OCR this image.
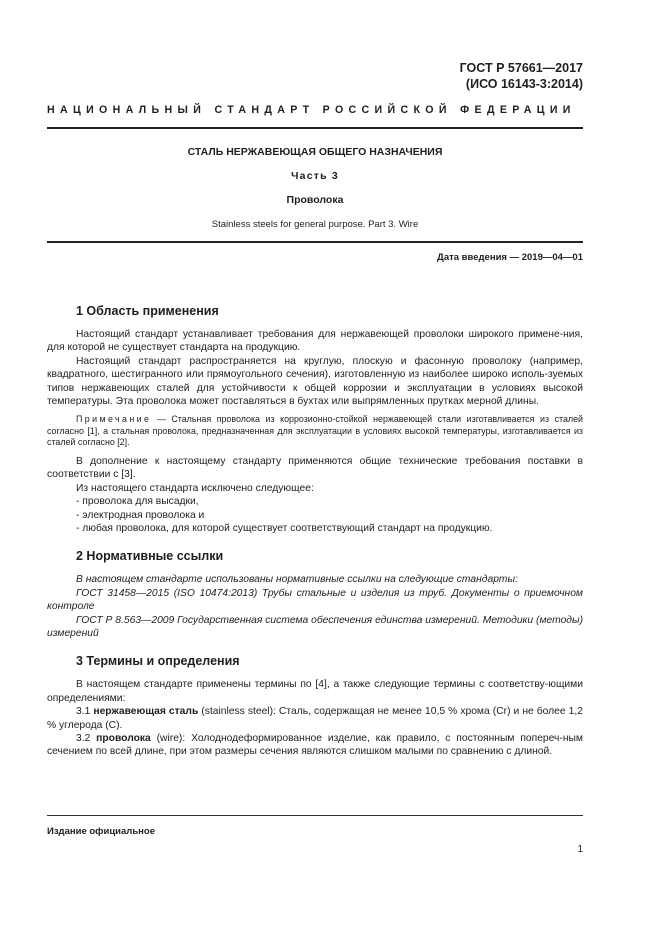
ГОСТ Р 57661—2017
(ИСО 16143-3:2014)
НАЦИОНАЛЬНЫЙ СТАНДАРТ РОССИЙСКОЙ ФЕДЕРАЦИИ
СТАЛЬ НЕРЖАВЕЮЩАЯ ОБЩЕГО НАЗНАЧЕНИЯ
Часть 3
Проволока
Stainless steels for general purpose. Part 3. Wire
Дата введения — 2019—04—01
1 Область применения

Настоящий стандарт устанавливает требования для нержавеющей проволоки широкого примене-ния, для которой не существует стандарта на продукцию.

Настоящий стандарт распространяется на круглую, плоскую и фасонную проволоку (например, квадратного, шестигранного или прямоугольного сечения), изготовленную из наиболее широко исполь-зуемых типов нержавеющих сталей для устойчивости к общей коррозии и эксплуатации в условиях высокой температуры. Эта проволока может поставляться в бухтах или выпрямленных прутках мерной длины.

Примечание — Стальная проволока из коррозионно-стойкой нержавеющей стали изготавливается из сталей согласно [1], а стальная проволока, предназначенная для эксплуатации в условиях высокой температуры, изготавливается из сталей согласно [2].

В дополнение к настоящему стандарту применяются общие технические требования поставки в соответствии с [3].

Из настоящего стандарта исключено следующее:

- проволока для высадки,

- электродная проволока и

- любая проволока, для которой существует соответствующий стандарт на продукцию.

2 Нормативные ссылки

В настоящем стандарте использованы нормативные ссылки на следующие стандарты:

ГОСТ 31458—2015 (ISO 10474:2013) Трубы стальные и изделия из труб. Документы о приемочном контроле

ГОСТ Р 8.563—2009 Государственная система обеспечения единства измерений. Методики (методы) измерений

3 Термины и определения

В настоящем стандарте применены термины по [4], а также следующие термины с соответству-ющими определениями:

3.1 нержавеющая сталь (stainless steel): Сталь, содержащая не менее 10,5 % хрома (Cr) и не более 1,2 % углерода (С).

3.2 проволока (wire): Холоднодеформированное изделие, как правило, с постоянным попереч-ным сечением по всей длине, при этом размеры сечения являются слишком малыми по сравнению с длиной.

Издание официальное
1
